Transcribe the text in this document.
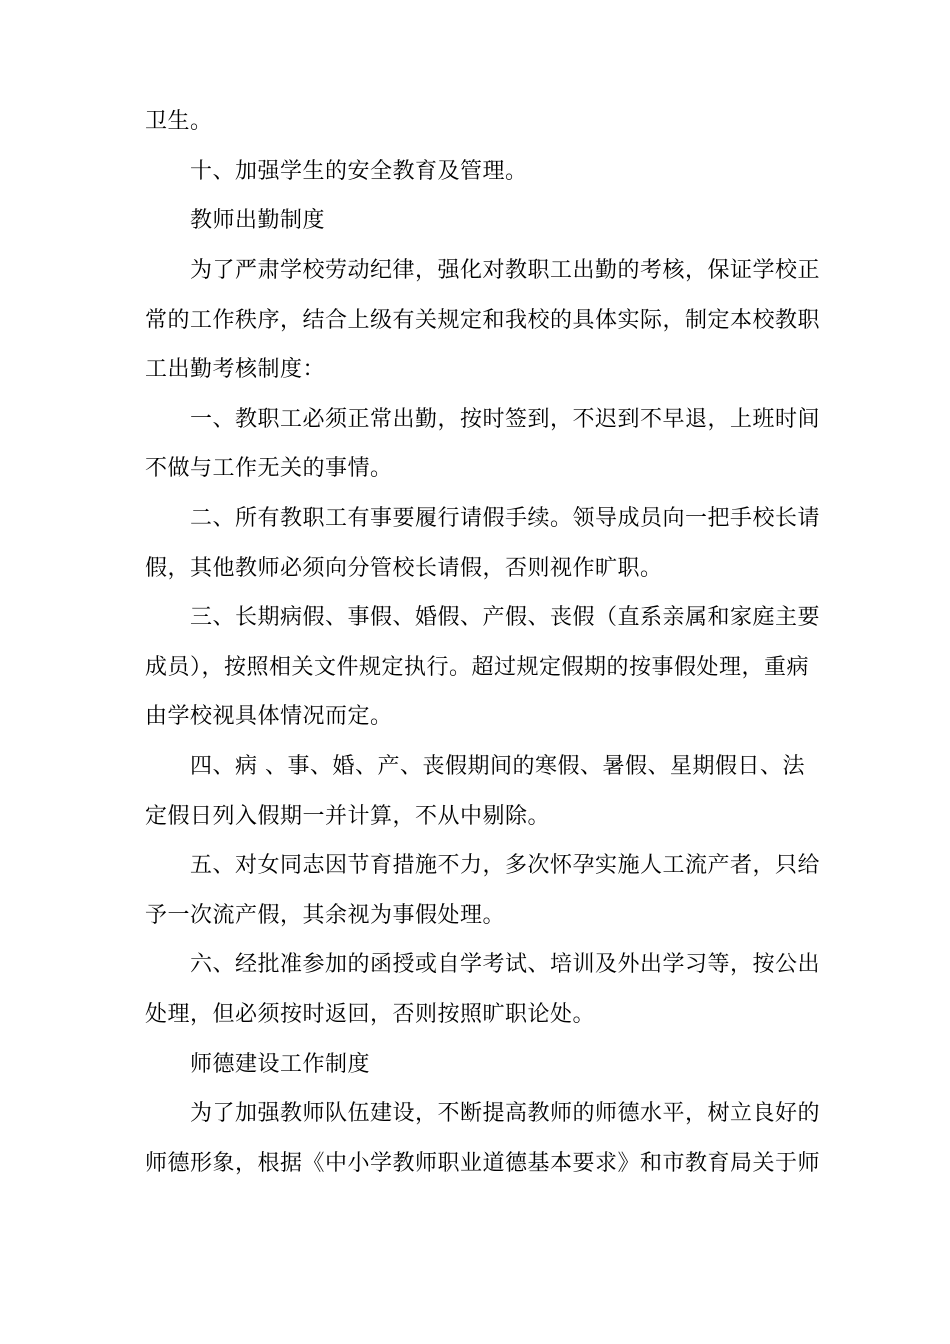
卫生。
十、加强学生的安全教育及管理。
教师出勤制度
为了严肃学校劳动纪律，强化对教职工出勤的考核，保证学校正
常的工作秩序，结合上级有关规定和我校的具体实际，制定本校教职
工出勤考核制度：
一、教职工必须正常出勤，按时签到，不迟到不早退，上班时间
不做与工作无关的事情。
二、所有教职工有事要履行请假手续。领导成员向一把手校长请
假，其他教师必须向分管校长请假，否则视作旷职。
三、长期病假、事假、婚假、产假、丧假（直系亲属和家庭主要
成员），按照相关文件规定执行。超过规定假期的按事假处理，重病
由学校视具体情况而定。
四、病 、事、婚、产、丧假期间的寒假、暑假、星期假日、法
定假日列入假期一并计算，不从中剔除。
五、对女同志因节育措施不力，多次怀孕实施人工流产者，只给
予一次流产假，其余视为事假处理。
六、经批准参加的函授或自学考试、培训及外出学习等，按公出
处理，但必须按时返回，否则按照旷职论处。
师德建设工作制度
为了加强教师队伍建设，不断提高教师的师德水平，树立良好的
师德形象，根据《中小学教师职业道德基本要求》和市教育局关于师
